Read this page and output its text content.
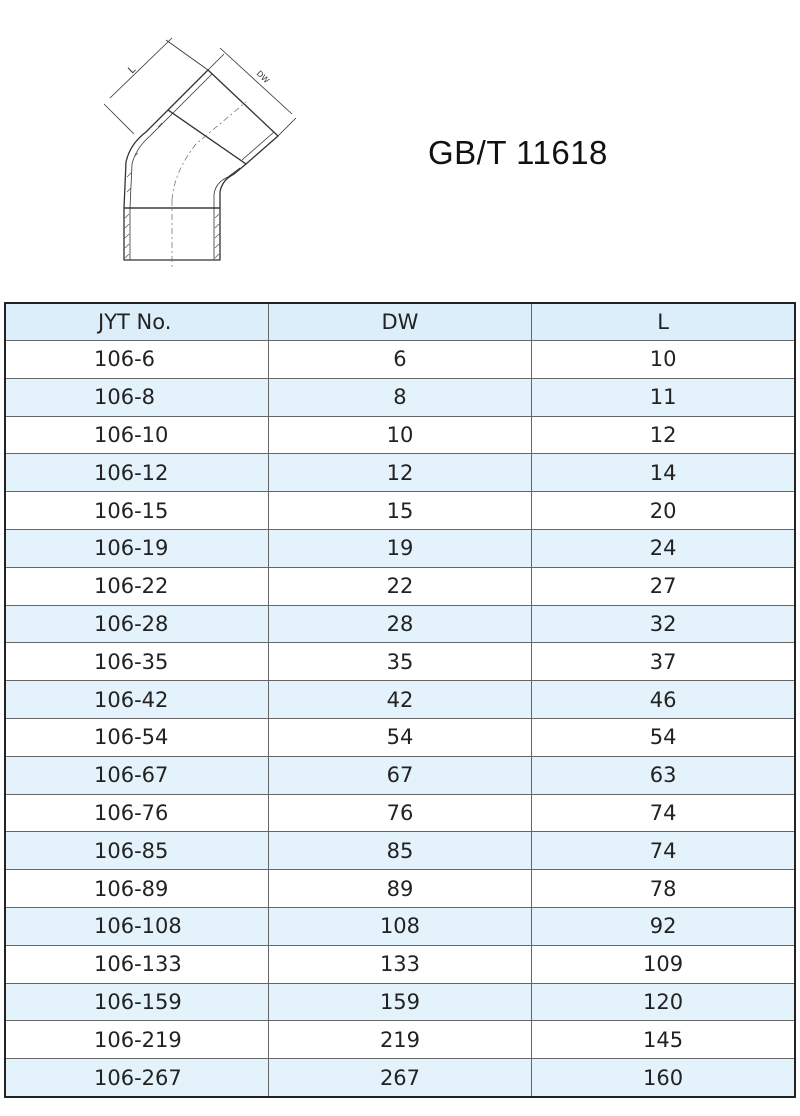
L	DW
GB/T 11618
JYT No.	DW	L
106-6	6	10
106-8	8	11
106-10	10	12
106-12	12	14
106-15	15	20
106-19	19	24
106-22	22	27
106-28	28	32
106-35	35	37
106-42	42	46
106-54	54	54
106-67	67	63
106-76	76	74
106-85	85	74
106-89	89	78
106-108	108	92
106-133	133	109
106-159	159	120
106-219	219	145
106-267	267	160
